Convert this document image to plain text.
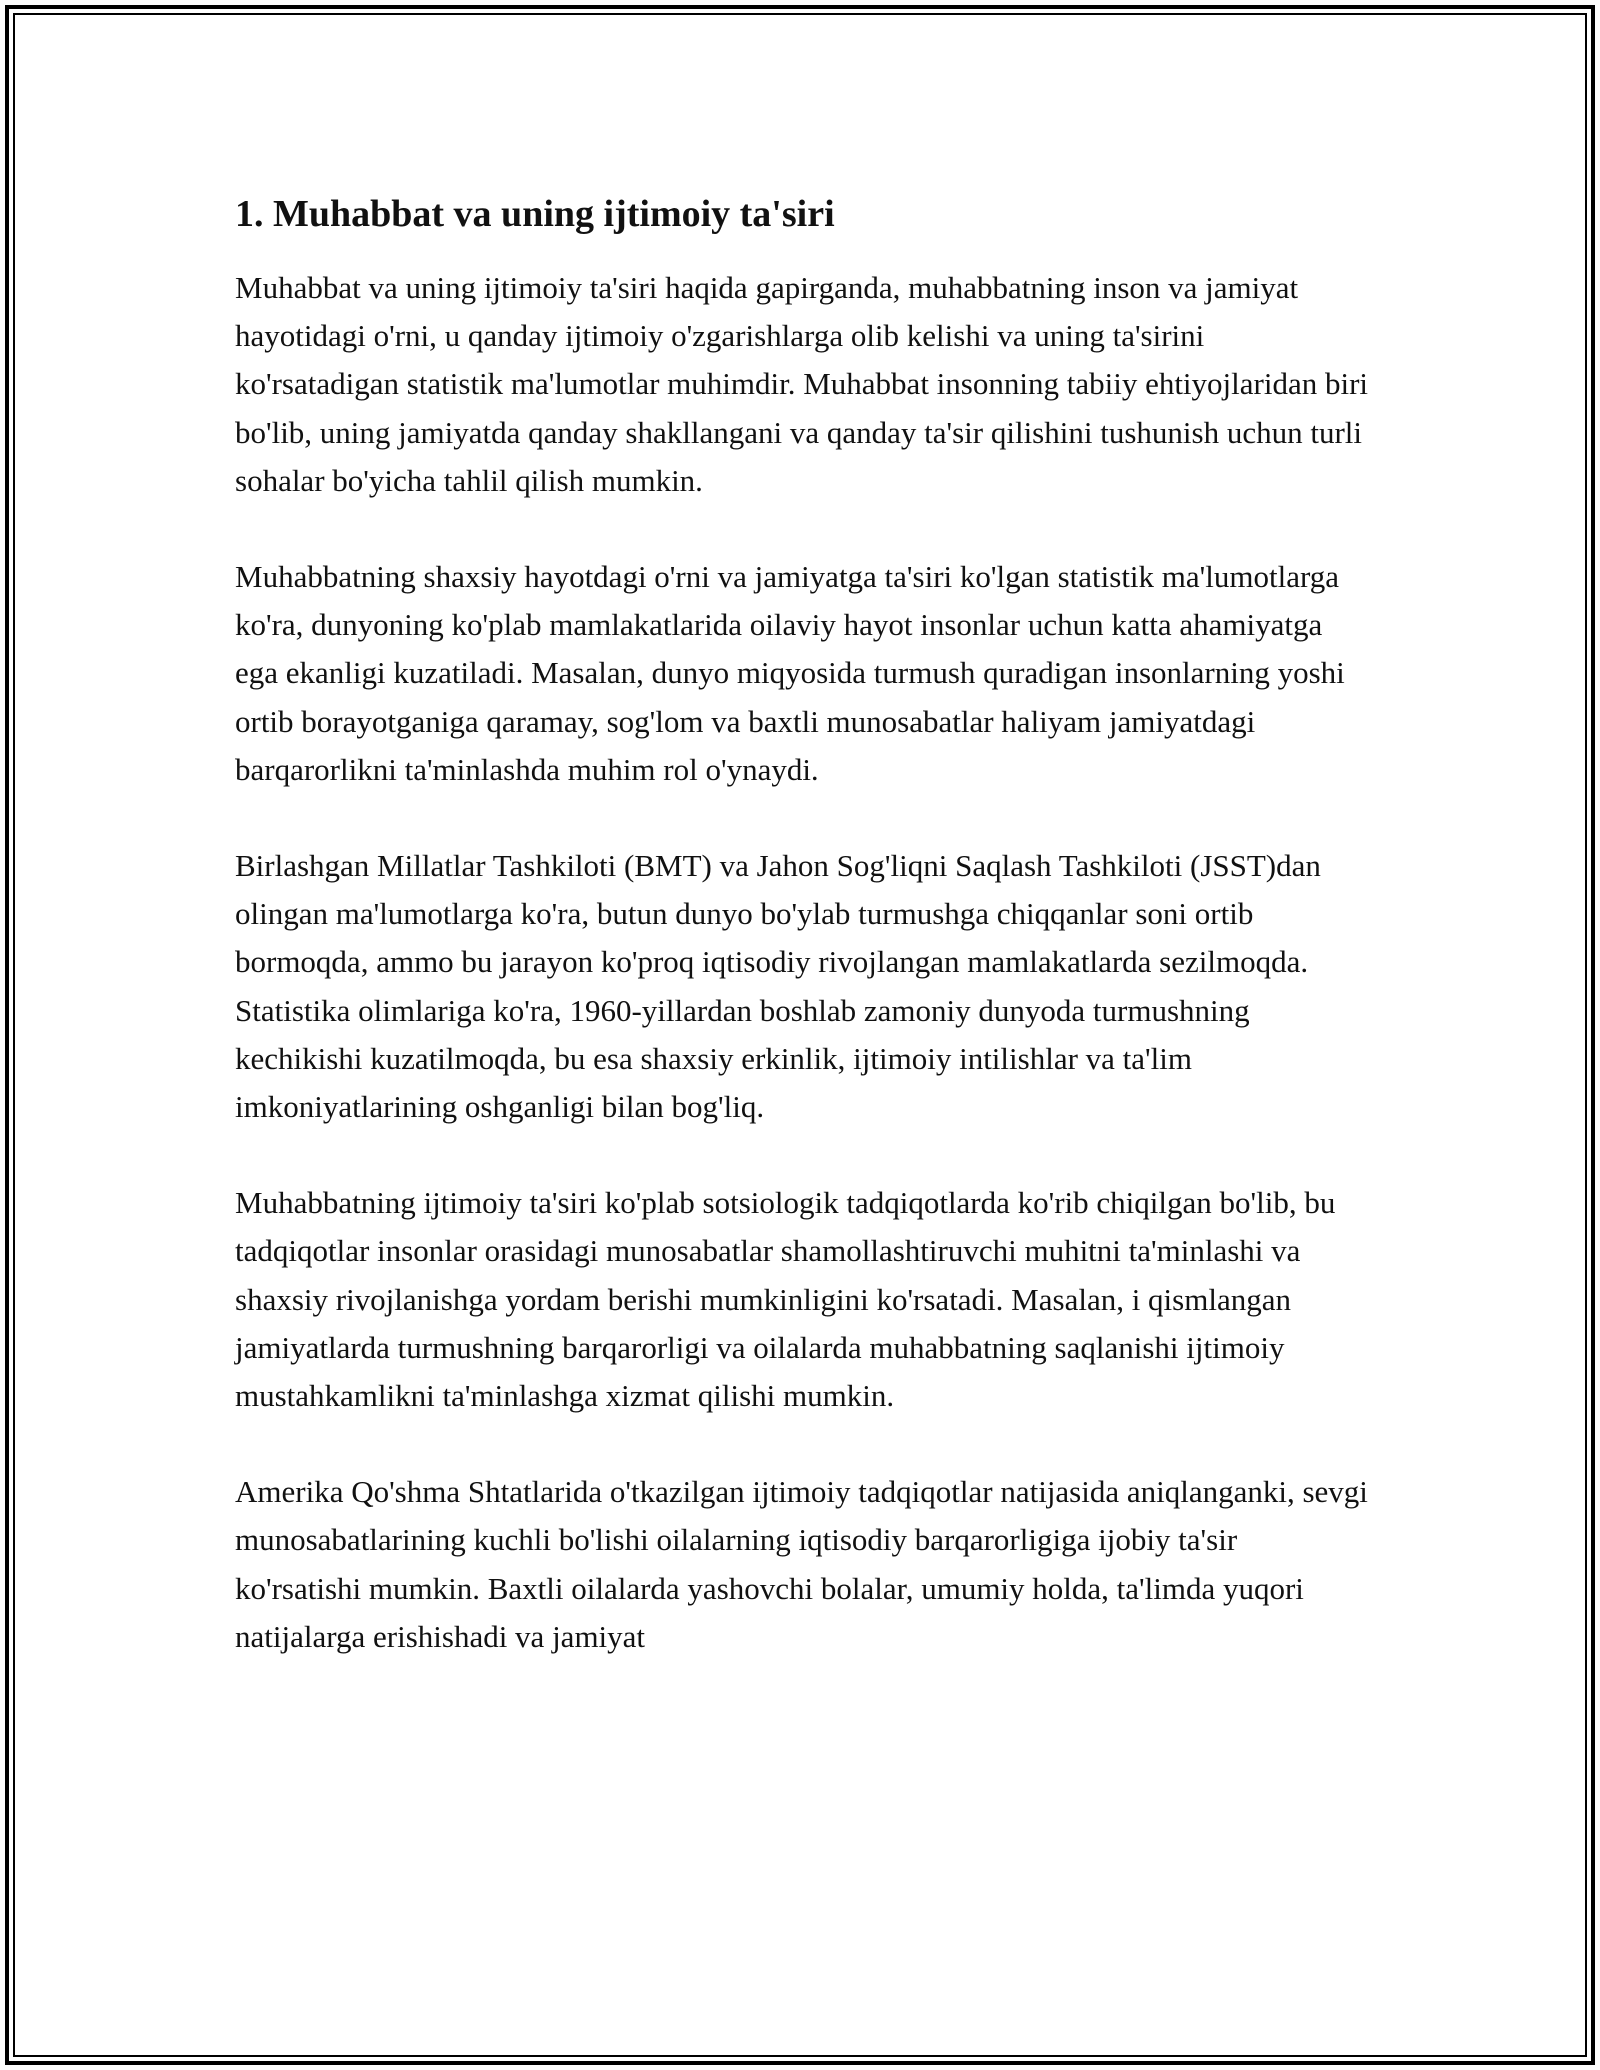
1. Muhabbat va uning ijtimoiy ta'siri

Muhabbat va uning ijtimoiy ta'siri haqida gapirganda, muhabbatning inson va jamiyat hayotidagi o'rni, u qanday ijtimoiy o'zgarishlarga olib kelishi va uning ta'sirini ko'rsatadigan statistik ma'lumotlar muhimdir. Muhabbat insonning tabiiy ehtiyojlaridan biri bo'lib, uning jamiyatda qanday shakllangani va qanday ta'sir qilishini tushunish uchun turli sohalar bo'yicha tahlil qilish mumkin.

Muhabbatning shaxsiy hayotdagi o'rni va jamiyatga ta'siri ko'lgan statistik ma'lumotlarga ko'ra, dunyoning ko'plab mamlakatlarida oilaviy hayot insonlar uchun katta ahamiyatga ega ekanligi kuzatiladi. Masalan, dunyo miqyosida turmush quradigan insonlarning yoshi ortib borayotganiga qaramay, sog'lom va baxtli munosabatlar haliyam jamiyatdagi barqarorlikni ta'minlashda muhim rol o'ynaydi.

Birlashgan Millatlar Tashkiloti (BMT) va Jahon Sog'liqni Saqlash Tashkiloti (JSST)dan olingan ma'lumotlarga ko'ra, butun dunyo bo'ylab turmushga chiqqanlar soni ortib bormoqda, ammo bu jarayon ko'proq iqtisodiy rivojlangan mamlakatlarda sezilmoqda. Statistika olimlariga ko'ra, 1960-yillardan boshlab zamoniy dunyoda turmushning kechikishi kuzatilmoqda, bu esa shaxsiy erkinlik, ijtimoiy intilishlar va ta'lim imkoniyatlarining oshganligi bilan bog'liq.

Muhabbatning ijtimoiy ta'siri ko'plab sotsiologik tadqiqotlarda ko'rib chiqilgan bo'lib, bu tadqiqotlar insonlar orasidagi munosabatlar shamollashtiruvchi muhitni ta'minlashi va shaxsiy rivojlanishga yordam berishi mumkinligini ko'rsatadi. Masalan, i qismlangan jamiyatlarda turmushning barqarorligi va oilalarda muhabbatning saqlanishi ijtimoiy mustahkamlikni ta'minlashga xizmat qilishi mumkin.

Amerika Qo'shma Shtatlarida o'tkazilgan ijtimoiy tadqiqotlar natijasida aniqlanganki, sevgi munosabatlarining kuchli bo'lishi oilalarning iqtisodiy barqarorligiga ijobiy ta'sir ko'rsatishi mumkin. Baxtli oilalarda yashovchi bolalar, umumiy holda, ta'limda yuqori natijalarga erishishadi va jamiyat
